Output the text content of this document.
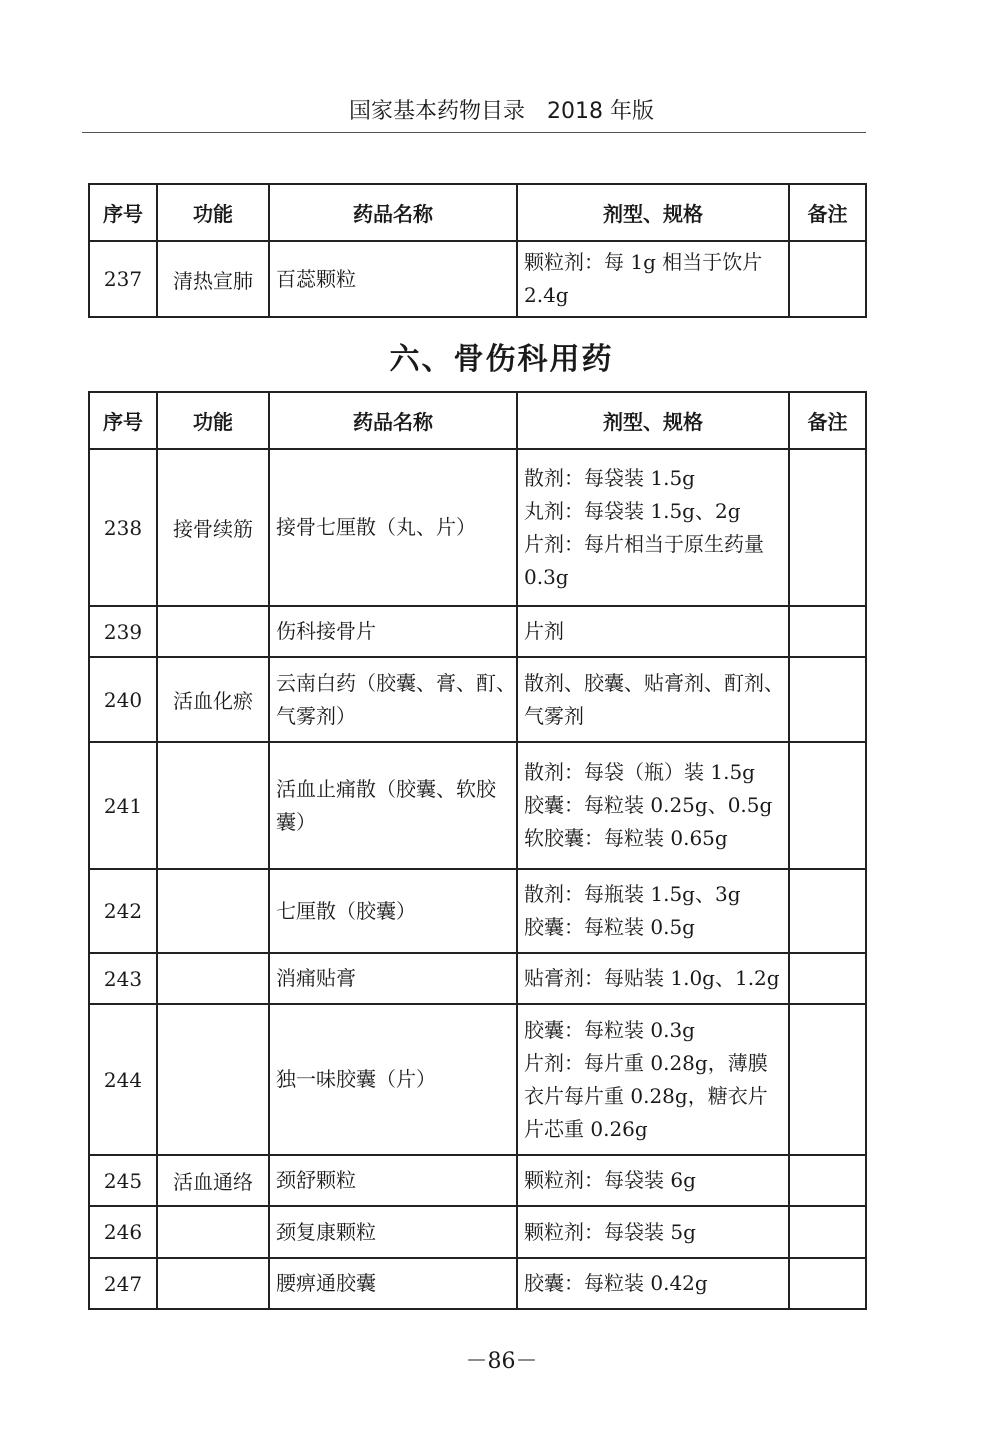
国家基本药物目录　2018 年版
序号	功能	药品名称	剂型、规格	备注
237	清热宣肺	百蕊颗粒	颗粒剂：每 1g 相当于饮片
2.4g	

六、骨伤科用药
序号	功能	药品名称	剂型、规格	备注
238	接骨续筋	接骨七厘散（丸、片）	散剂：每袋装 1.5g
丸剂：每袋装 1.5g、2g
片剂：每片相当于原生药量
0.3g	

239		伤科接骨片	片剂	

240	活血化瘀	云南白药（胶囊、膏、酊、气雾剂）	散剂、胶囊、贴膏剂、酊剂、
气雾剂	

241		活血止痛散（胶囊、软胶囊）	散剂：每袋（瓶）装 1.5g
胶囊：每粒装 0.25g、0.5g
软胶囊：每粒装 0.65g	

242		七厘散（胶囊）	散剂：每瓶装 1.5g、3g
胶囊：每粒装 0.5g	

243		消痛贴膏	贴膏剂：每贴装 1.0g、1.2g	

244		独一味胶囊（片）	胶囊：每粒装 0.3g
片剂：每片重 0.28g，薄膜
衣片每片重 0.28g，糖衣片
片芯重 0.26g	

245	活血通络	颈舒颗粒	颗粒剂：每袋装 6g	

246		颈复康颗粒	颗粒剂：每袋装 5g	

247		腰痹通胶囊	胶囊：每粒装 0.42g	

－86－
